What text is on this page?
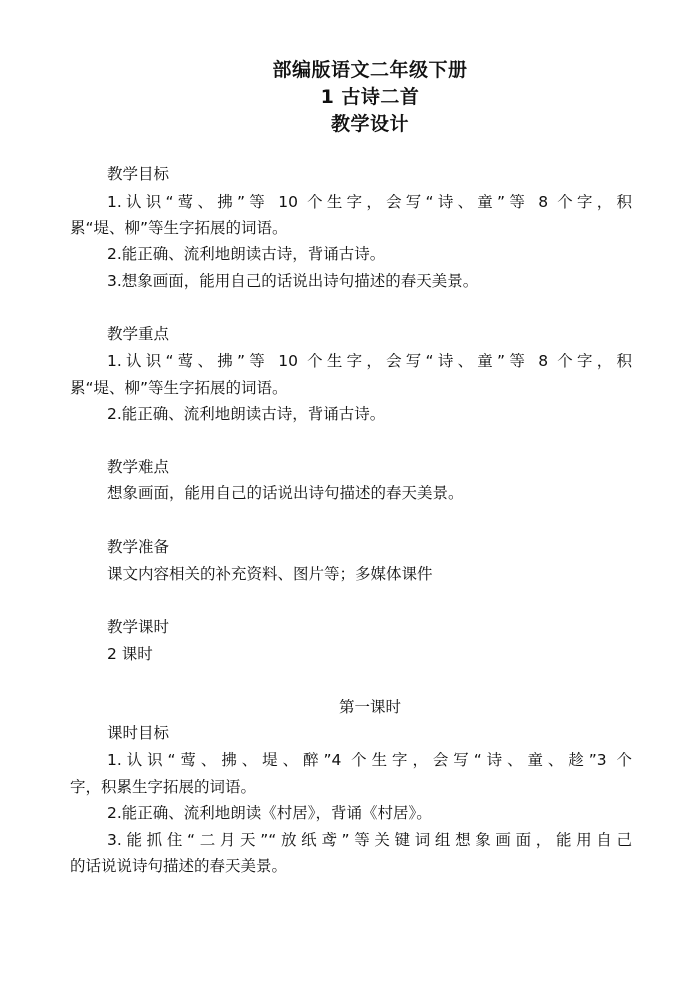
部编版语文二年级下册
1 古诗二首
教学设计
教学目标
1.认识“莺、拂”等 10 个生字，会写“诗、童”等 8 个字，积
累“堤、柳”等生字拓展的词语。
2.能正确、流利地朗读古诗，背诵古诗。
3.想象画面，能用自己的话说出诗句描述的春天美景。
教学重点
1.认识“莺、拂”等 10 个生字，会写“诗、童”等 8 个字，积
累“堤、柳”等生字拓展的词语。
2.能正确、流利地朗读古诗，背诵古诗。
教学难点
想象画面，能用自己的话说出诗句描述的春天美景。
教学准备
课文内容相关的补充资料、图片等；多媒体课件
教学课时
2 课时
第一课时
课时目标
1.认识“莺、拂、堤、醉”4 个生字，会写“诗、童、趁”3 个
字，积累生字拓展的词语。
2.能正确、流利地朗读《村居》，背诵《村居》。
3.能抓住“二月天”“放纸鸢”等关键词组想象画面，能用自己
的话说说诗句描述的春天美景。
